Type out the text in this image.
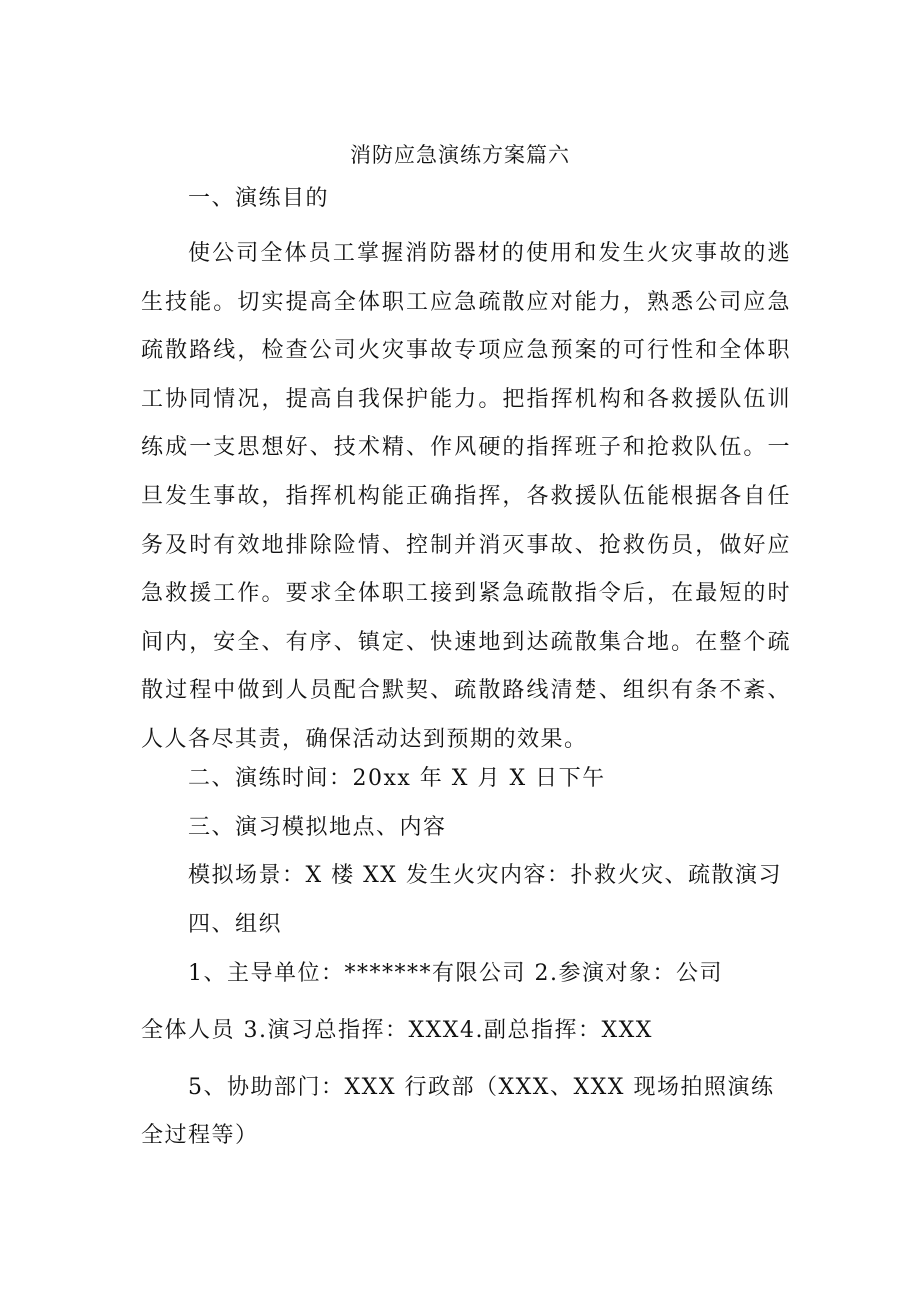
消防应急演练方案篇六
一、演练目的
使公司全体员工掌握消防器材的使用和发生火灾事故的逃生技能。切实提高全体职工应急疏散应对能力，熟悉公司应急疏散路线，检查公司火灾事故专项应急预案的可行性和全体职工协同情况，提高自我保护能力。把指挥机构和各救援队伍训练成一支思想好、技术精、作风硬的指挥班子和抢救队伍。一旦发生事故，指挥机构能正确指挥，各救援队伍能根据各自任务及时有效地排除险情、控制并消灭事故、抢救伤员，做好应急救援工作。要求全体职工接到紧急疏散指令后，在最短的时间内，安全、有序、镇定、快速地到达疏散集合地。在整个疏散过程中做到人员配合默契、疏散路线清楚、组织有条不紊、人人各尽其责，确保活动达到预期的效果。
二、演练时间：20xx 年 X 月 X 日下午
三、演习模拟地点、内容
模拟场景：X 楼 XX 发生火灾内容：扑救火灾、疏散演习
四、组织
1、主导单位：*******有限公司 2.参演对象：公司
全体人员 3.演习总指挥：XXX4.副总指挥：XXX
5、协助部门：XXX 行政部（XXX、XXX 现场拍照演练全过程等）
